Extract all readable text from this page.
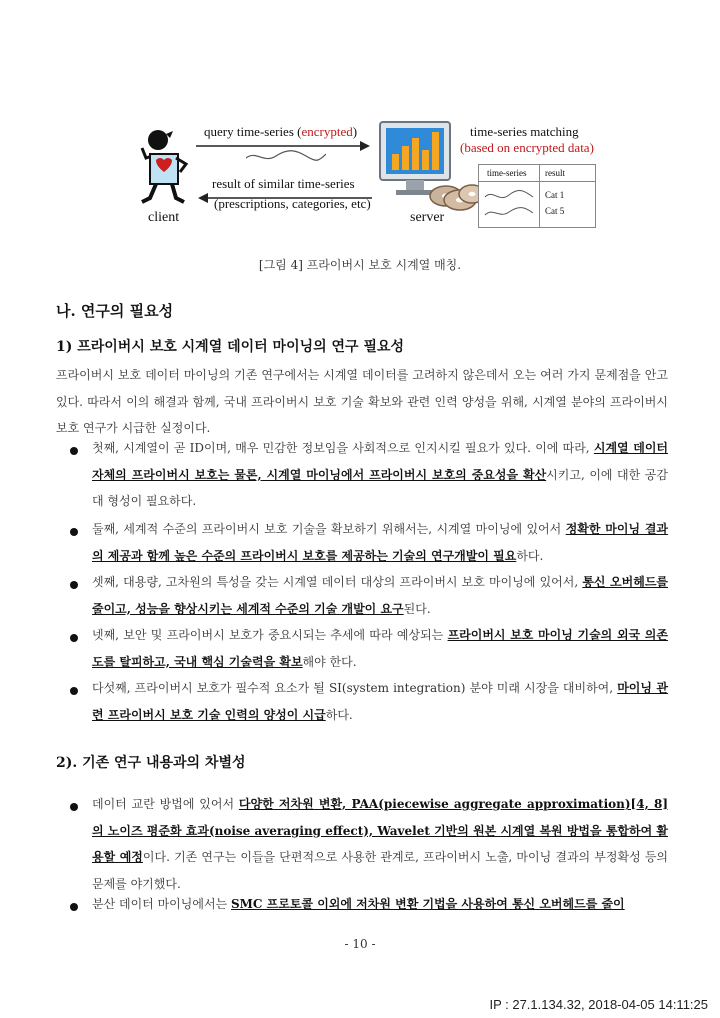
client
query time-series (encrypted)
result of similar time-series
(prescriptions, categories, etc)
server
time-series matching
(based on encrypted data)
time-series result
Cat 1
Cat 5
[그림 4] 프라이버시 보호 시계열 매칭.
나. 연구의 필요성
1) 프라이버시 보호 시계열 데이터 마이닝의 연구 필요성
프라이버시 보호 데이터 마이닝의 기존 연구에서는 시계열 데이터를 고려하지 않은데서 오는 여러 가지 문제점을 안고 있다. 따라서 이의 해결과 함께, 국내 프라이버시 보호 기술 확보와 관련 인력 양성을 위해, 시계열 분야의 프라이버시 보호 연구가 시급한 실정이다.
첫째, 시계열이 곧 ID이며, 매우 민감한 정보임을 사회적으로 인지시킬 필요가 있다. 이에 따라, 시계열 데이터 자체의 프라이버시 보호는 물론, 시계열 마이닝에서 프라이버시 보호의 중요성을 확산시키고, 이에 대한 공감대 형성이 필요하다.
둘째, 세계적 수준의 프라이버시 보호 기술을 확보하기 위해서는, 시계열 마이닝에 있어서 정확한 마이닝 결과의 제공과 함께 높은 수준의 프라이버시 보호를 제공하는 기술의 연구개발이 필요하다.
셋째, 대용량, 고차원의 특성을 갖는 시계열 데이터 대상의 프라이버시 보호 마이닝에 있어서, 통신 오버헤드를 줄이고, 성능을 향상시키는 세계적 수준의 기술 개발이 요구된다.
넷째, 보안 및 프라이버시 보호가 중요시되는 추세에 따라 예상되는 프라이버시 보호 마이닝 기술의 외국 의존도를 탈피하고, 국내 핵심 기술력을 확보해야 한다.
다섯째, 프라이버시 보호가 필수적 요소가 될 SI(system integration) 분야 미래 시장을 대비하여, 마이닝 관련 프라이버시 보호 기술 인력의 양성이 시급하다.
2). 기존 연구 내용과의 차별성
데이터 교란 방법에 있어서 다양한 저차원 변환, PAA(piecewise aggregate approximation)[4, 8]의 노이즈 평준화 효과(noise averaging effect), Wavelet 기반의 원본 시계열 복원 방법을 통합하여 활용할 예정이다. 기존 연구는 이들을 단편적으로 사용한 관계로, 프라이버시 노출, 마이닝 결과의 부정확성 등의 문제를 야기했다.
분산 데이터 마이닝에서는 SMC 프로토콜 이외에 저차원 변환 기법을 사용하여 통신 오버헤드를 줄이
- 10 -
IP : 27.1.134.32, 2018-04-05 14:11:25
